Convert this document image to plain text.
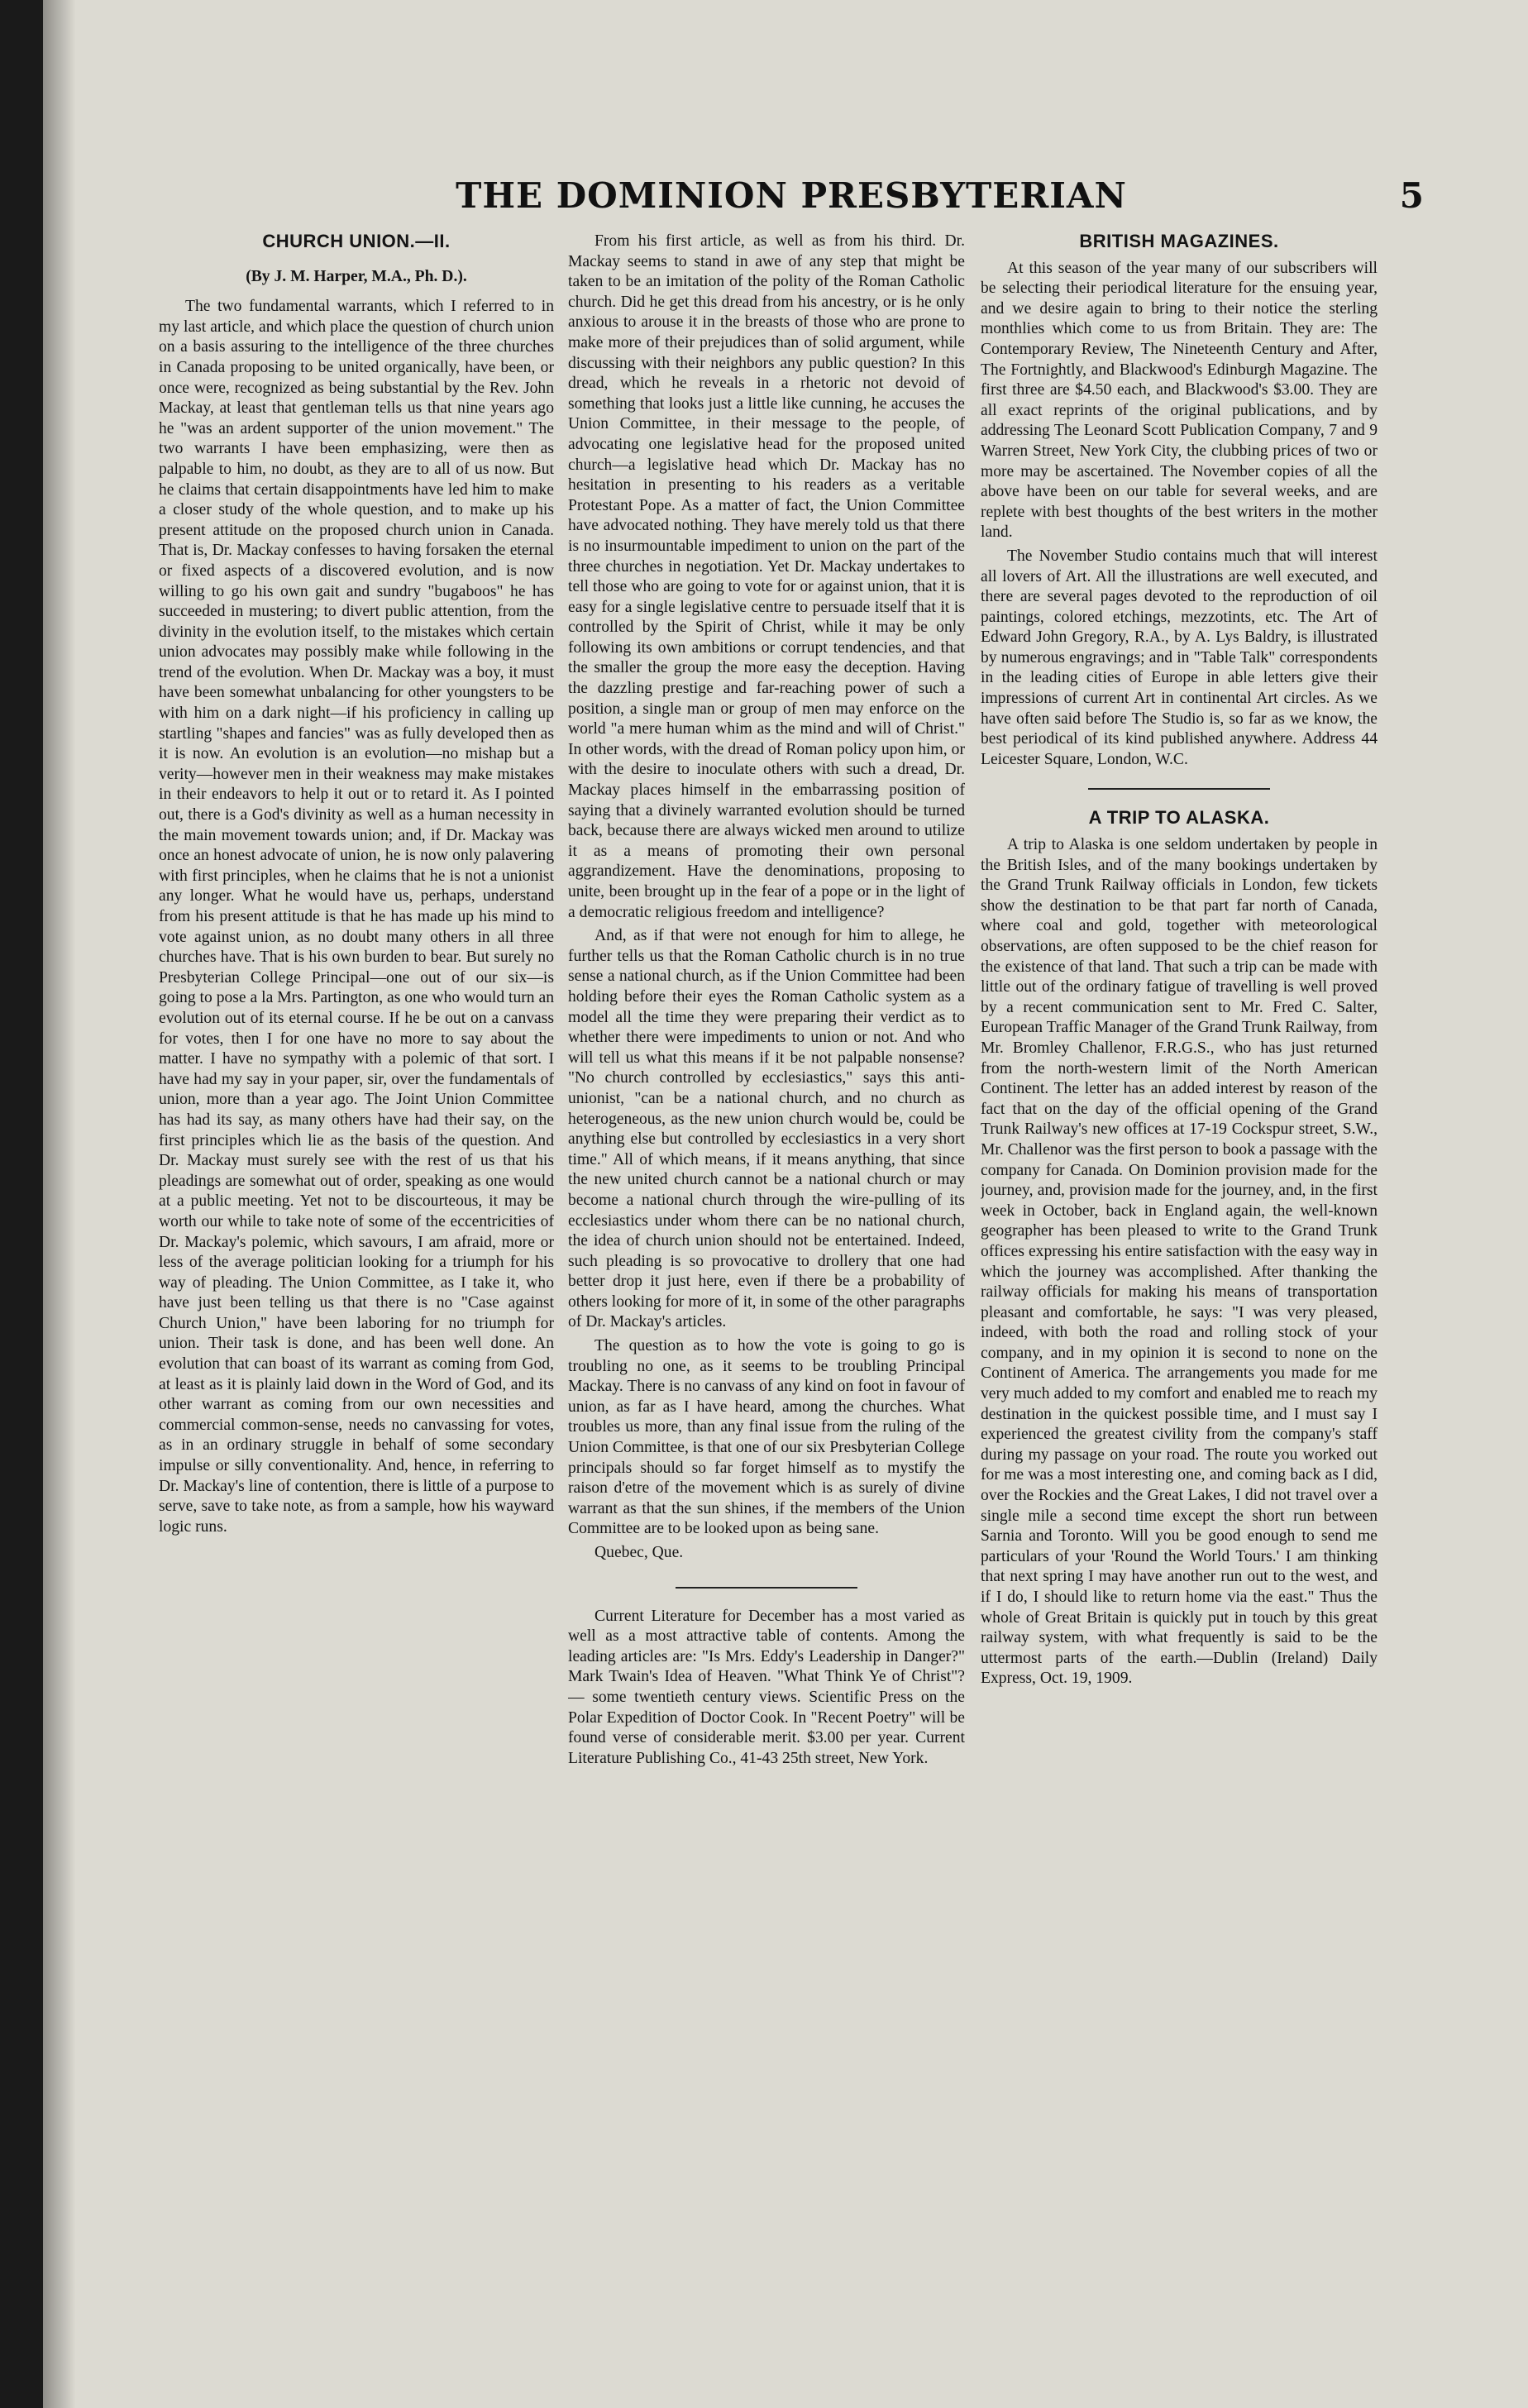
THE DOMINION PRESBYTERIAN	5
CHURCH UNION.—II.
(By J. M. Harper, M.A., Ph. D.).

The two fundamental warrants, which I referred to in my last article, and which place the question of church union on a basis assuring to the intelligence of the three churches in Canada proposing to be united organically, have been, or once were, recognized as being substantial by the Rev. John Mackay, at least that gentleman tells us that nine years ago he "was an ardent supporter of the union movement." The two warrants I have been emphasizing, were then as palpable to him, no doubt, as they are to all of us now. But he claims that certain disappointments have led him to make a closer study of the whole question, and to make up his present attitude on the proposed church union in Canada. That is, Dr. Mackay confesses to having forsaken the eternal or fixed aspects of a discovered evolution, and is now willing to go his own gait and sundry "bugaboos" he has succeeded in mustering; to divert public attention, from the divinity in the evolution itself, to the mistakes which certain union advocates may possibly make while following in the trend of the evolution. When Dr. Mackay was a boy, it must have been somewhat unbalancing for other youngsters to be with him on a dark night—if his proficiency in calling up startling "shapes and fancies" was as fully developed then as it is now. An evolution is an evolution—no mishap but a verity—however men in their weakness may make mistakes in their endeavors to help it out or to retard it. As I pointed out, there is a God's divinity as well as a human necessity in the main movement towards union; and, if Dr. Mackay was once an honest advocate of union, he is now only palavering with first principles, when he claims that he is not a unionist any longer. What he would have us, perhaps, understand from his present attitude is that he has made up his mind to vote against union, as no doubt many others in all three churches have. That is his own burden to bear. But surely no Presbyterian College Principal—one out of our six—is going to pose a la Mrs. Partington, as one who would turn an evolution out of its eternal course. If he be out on a canvass for votes, then I for one have no more to say about the matter. I have no sympathy with a polemic of that sort. I have had my say in your paper, sir, over the fundamentals of union, more than a year ago. The Joint Union Committee has had its say, as many others have had their say, on the first principles which lie as the basis of the question. And Dr. Mackay must surely see with the rest of us that his pleadings are somewhat out of order, speaking as one would at a public meeting. Yet not to be discourteous, it may be worth our while to take note of some of the eccentricities of Dr. Mackay's polemic, which savours, I am afraid, more or less of the average politician looking for a triumph for his way of pleading. The Union Committee, as I take it, who have just been telling us that there is no "Case against Church Union," have been laboring for no triumph for union. Their task is done, and has been well done. An evolution that can boast of its warrant as coming from God, at least as it is plainly laid down in the Word of God, and its other warrant as coming from our own necessities and commercial common-sense, needs no canvassing for votes, as in an ordinary struggle in behalf of some secondary impulse or silly conventionality. And, hence, in referring to Dr. Mackay's line of contention, there is little of a purpose to serve, save to take note, as from a sample, how his wayward logic runs.

From his first article, as well as from his third. Dr. Mackay seems to stand in awe of any step that might be taken to be an imitation of the polity of the Roman Catholic church. Did he get this dread from his ancestry, or is he only anxious to arouse it in the breasts of those who are prone to make more of their prejudices than of solid argument, while discussing with their neighbors any public question? In this dread, which he reveals in a rhetoric not devoid of something that looks just a little like cunning, he accuses the Union Committee, in their message to the people, of advocating one legislative head for the proposed united church—a legislative head which Dr. Mackay has no hesitation in presenting to his readers as a veritable Protestant Pope. As a matter of fact, the Union Committee have advocated nothing. They have merely told us that there is no insurmountable impediment to union on the part of the three churches in negotiation. Yet Dr. Mackay undertakes to tell those who are going to vote for or against union, that it is easy for a single legislative centre to persuade itself that it is controlled by the Spirit of Christ, while it may be only following its own ambitions or corrupt tendencies, and that the smaller the group the more easy the deception. Having the dazzling prestige and far-reaching power of such a position, a single man or group of men may enforce on the world "a mere human whim as the mind and will of Christ." In other words, with the dread of Roman policy upon him, or with the desire to inoculate others with such a dread, Dr. Mackay places himself in the embarrassing position of saying that a divinely warranted evolution should be turned back, because there are always wicked men around to utilize it as a means of promoting their own personal aggrandizement. Have the denominations, proposing to unite, been brought up in the fear of a pope or in the light of a democratic religious freedom and intelligence?

And, as if that were not enough for him to allege, he further tells us that the Roman Catholic church is in no true sense a national church, as if the Union Committee had been holding before their eyes the Roman Catholic system as a model all the time they were preparing their verdict as to whether there were impediments to union or not. And who will tell us what this means if it be not palpable nonsense? "No church controlled by ecclesiastics," says this anti-unionist, "can be a national church, and no church as heterogeneous, as the new union church would be, could be anything else but controlled by ecclesiastics in a very short time." All of which means, if it means anything, that since the new united church cannot be a national church or may become a national church through the wire-pulling of its ecclesiastics under whom there can be no national church, the idea of church union should not be entertained. Indeed, such pleading is so provocative to drollery that one had better drop it just here, even if there be a probability of others looking for more of it, in some of the other paragraphs of Dr. Mackay's articles.

The question as to how the vote is going to go is troubling no one, as it seems to be troubling Principal Mackay. There is no canvass of any kind on foot in favour of union, as far as I have heard, among the churches. What troubles us more, than any final issue from the ruling of the Union Committee, is that one of our six Presbyterian College principals should so far forget himself as to mystify the raison d'etre of the movement which is as surely of divine warrant as that the sun shines, if the members of the Union Committee are to be looked upon as being sane.

Quebec, Que.

Current Literature for December has a most varied as well as a most attractive table of contents. Among the leading articles are: "Is Mrs. Eddy's Leadership in Danger?" Mark Twain's Idea of Heaven. "What Think Ye of Christ"? — some twentieth century views. Scientific Press on the Polar Expedition of Doctor Cook. In "Recent Poetry" will be found verse of considerable merit. $3.00 per year. Current Literature Publishing Co., 41-43 25th street, New York.

BRITISH MAGAZINES.

At this season of the year many of our subscribers will be selecting their periodical literature for the ensuing year, and we desire again to bring to their notice the sterling monthlies which come to us from Britain. They are: The Contemporary Review, The Nineteenth Century and After, The Fortnightly, and Blackwood's Edinburgh Magazine. The first three are $4.50 each, and Blackwood's $3.00. They are all exact reprints of the original publications, and by addressing The Leonard Scott Publication Company, 7 and 9 Warren Street, New York City, the clubbing prices of two or more may be ascertained. The November copies of all the above have been on our table for several weeks, and are replete with best thoughts of the best writers in the mother land.

The November Studio contains much that will interest all lovers of Art. All the illustrations are well executed, and there are several pages devoted to the reproduction of oil paintings, colored etchings, mezzotints, etc. The Art of Edward John Gregory, R.A., by A. Lys Baldry, is illustrated by numerous engravings; and in "Table Talk" correspondents in the leading cities of Europe in able letters give their impressions of current Art in continental Art circles. As we have often said before The Studio is, so far as we know, the best periodical of its kind published anywhere. Address 44 Leicester Square, London, W.C.

A TRIP TO ALASKA.

A trip to Alaska is one seldom undertaken by people in the British Isles, and of the many bookings undertaken by the Grand Trunk Railway officials in London, few tickets show the destination to be that part far north of Canada, where coal and gold, together with meteorological observations, are often supposed to be the chief reason for the existence of that land. That such a trip can be made with little out of the ordinary fatigue of travelling is well proved by a recent communication sent to Mr. Fred C. Salter, European Traffic Manager of the Grand Trunk Railway, from Mr. Bromley Challenor, F.R.G.S., who has just returned from the north-western limit of the North American Continent. The letter has an added interest by reason of the fact that on the day of the official opening of the Grand Trunk Railway's new offices at 17-19 Cockspur street, S.W., Mr. Challenor was the first person to book a passage with the company for Canada. On Dominion provision made for the journey, and, provision made for the journey, and, in the first week in October, back in England again, the well-known geographer has been pleased to write to the Grand Trunk offices expressing his entire satisfaction with the easy way in which the journey was accomplished. After thanking the railway officials for making his means of transportation pleasant and comfortable, he says: "I was very pleased, indeed, with both the road and rolling stock of your company, and in my opinion it is second to none on the Continent of America. The arrangements you made for me very much added to my comfort and enabled me to reach my destination in the quickest possible time, and I must say I experienced the greatest civility from the company's staff during my passage on your road. The route you worked out for me was a most interesting one, and coming back as I did, over the Rockies and the Great Lakes, I did not travel over a single mile a second time except the short run between Sarnia and Toronto. Will you be good enough to send me particulars of your 'Round the World Tours.' I am thinking that next spring I may have another run out to the west, and if I do, I should like to return home via the east." Thus the whole of Great Britain is quickly put in touch by this great railway system, with what frequently is said to be the uttermost parts of the earth.—Dublin (Ireland) Daily Express, Oct. 19, 1909.
